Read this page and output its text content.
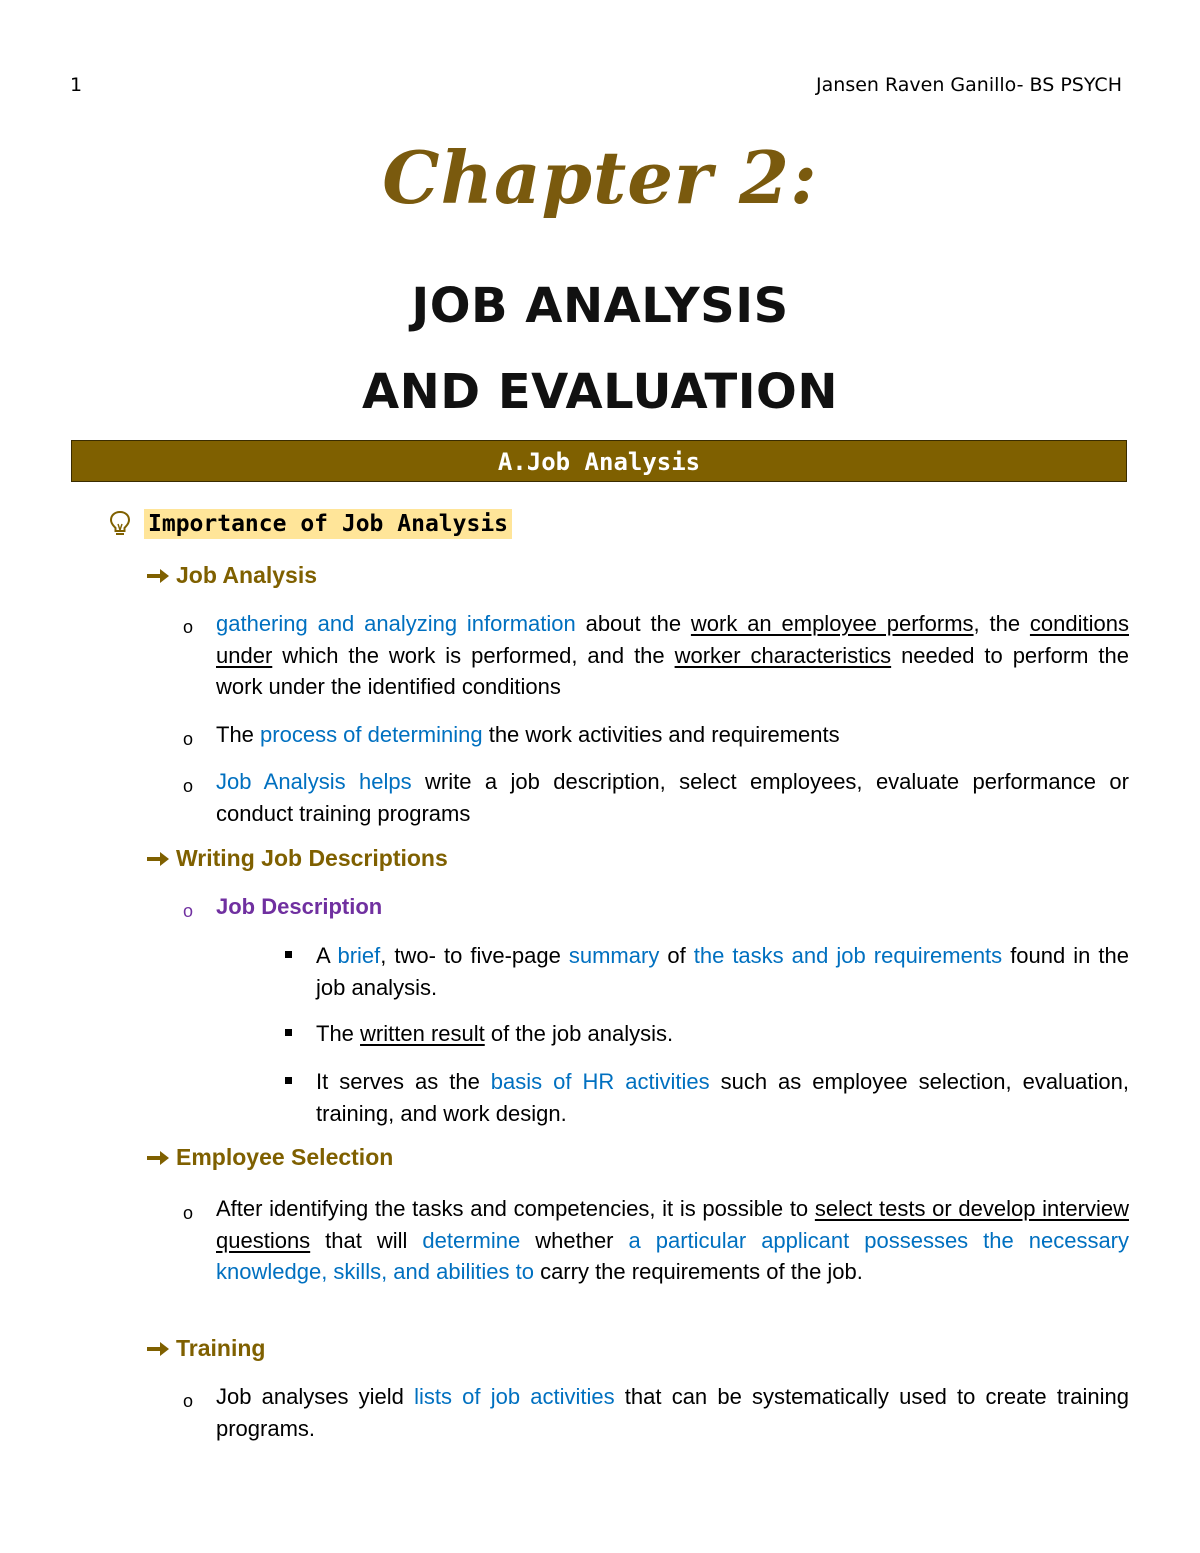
1	Jansen Raven Ganillo- BS PSYCH
Chapter 2:
JOB ANALYSIS
AND EVALUATION
A.Job Analysis
Importance of Job Analysis
Job Analysis
o gathering and analyzing information about the work an employee performs, the conditions under which the work is performed, and the worker characteristics needed to perform the work under the identified conditions
o The process of determining the work activities and requirements
o Job Analysis helps write a job description, select employees, evaluate performance or conduct training programs
Writing Job Descriptions
o Job Description
A brief, two- to five-page summary of the tasks and job requirements found in the job analysis.
The written result of the job analysis.
It serves as the basis of HR activities such as employee selection, evaluation, training, and work design.
Employee Selection
o After identifying the tasks and competencies, it is possible to select tests or develop interview questions that will determine whether a particular applicant possesses the necessary knowledge, skills, and abilities to carry the requirements of the job.
Training
o Job analyses yield lists of job activities that can be systematically used to create training programs.
